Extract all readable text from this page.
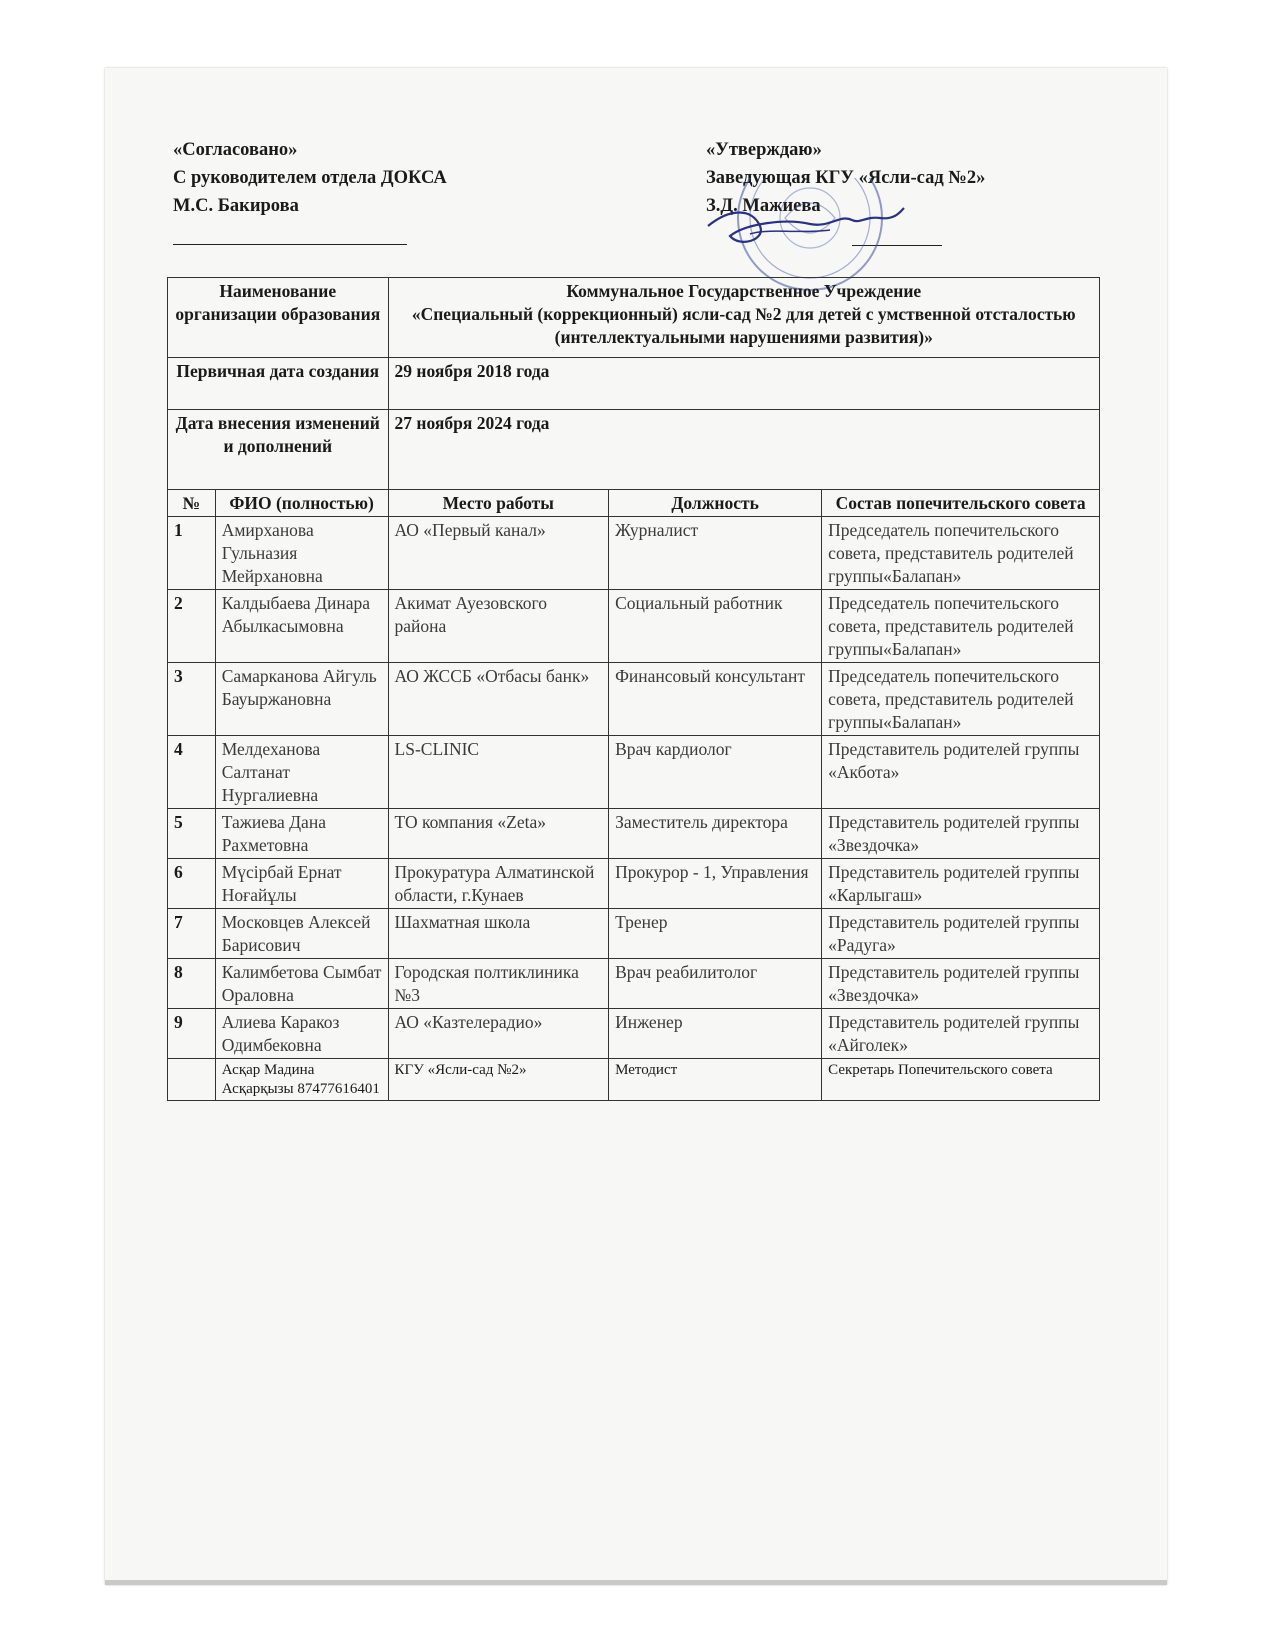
«Согласовано»
С руководителем отдела ДОКСА
М.С. Бакирова
«Утверждаю»
Заведующая КГУ «Ясли-сад №2»
З.Д. Мажиева
Наименование организации образования		Коммунальное Государственное Учреждение
«Специальный (коррекционный) ясли-сад №2 для детей с умственной отсталостью (интеллектуальными нарушениями развития)»		

Первичная дата создания		29 ноября 2018 года		
Дата внесения изменений и дополнений		27 ноября 2024 года		
№	ФИО (полностью)	Место работы	Должность	Состав попечительского совета
1	Амирханова Гульназия Мейрхановна	АО «Первый канал»	Журналист	Председатель попечительского совета, представитель родителей группы«Балапан»
2	Калдыбаева Динара Абылкасымовна	Акимат Ауезовского района	Социальный работник	Председатель попечительского совета, представитель родителей группы«Балапан»
3	Самарканова Айгуль Бауыржановна	АО ЖССБ «Отбасы банк»	Финансовый консультант	Председатель попечительского совета, представитель родителей группы«Балапан»
4	Мелдеханова Салтанат Нургалиевна	LS-CLINIC	Врач кардиолог	Представитель родителей группы «Акбота»
5	Тажиева Дана Рахметовна	ТО компания «Zeta»	Заместитель директора	Представитель родителей группы «Звездочка»
6	Мүсірбай Ернат Ноғайұлы	Прокуратура Алматинской области, г.Кунаев	Прокурор - 1, Управления	Представитель родителей группы «Карлыгаш»
7	Московцев Алексей Барисович	Шахматная школа	Тренер	Представитель родителей группы «Радуга»
8	Калимбетова Сымбат Ораловна	Городская полтиклиника №3	Врач реабилитолог	Представитель родителей группы «Звездочка»
9	Алиева Каракоз Одимбековна	АО «Казтелерадио»	Инженер	Представитель родителей группы «Айголек»
	Асқар Мадина Асқарқызы 87477616401	КГУ «Ясли-сад №2»	Методист	Секретарь Попечительского совета
